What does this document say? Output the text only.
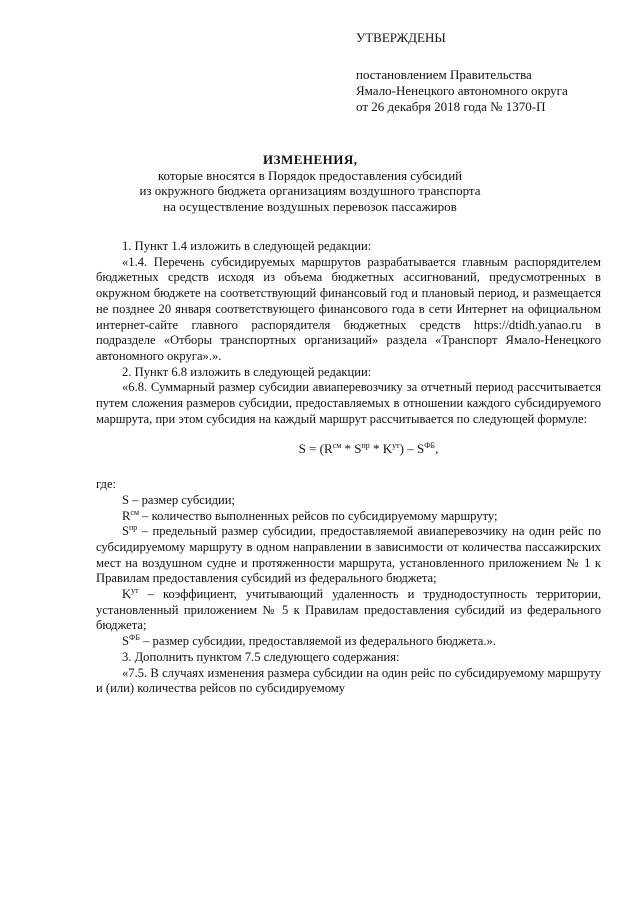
УТВЕРЖДЕНЫ
постановлением Правительства
Ямало-Ненецкого автономного округа
от 26 декабря 2018 года № 1370-П
ИЗМЕНЕНИЯ,
которые вносятся в Порядок предоставления субсидий
из окружного бюджета организациям воздушного транспорта
на осуществление воздушных перевозок пассажиров

1. Пункт 1.4 изложить в следующей редакции:

«1.4. Перечень субсидируемых маршрутов разрабатывается главным распорядителем бюджетных средств исходя из объема бюджетных ассигнований, предусмотренных в окружном бюджете на соответствующий финансовый год и плановый период, и размещается не позднее 20 января соответствующего финансового года в сети Интернет на официальном интернет-сайте главного распорядителя бюджетных средств https://dtidh.yanao.ru в подразделе «Отборы транспортных организаций» раздела «Транспорт Ямало-Ненецкого автономного округа».».

2. Пункт 6.8 изложить в следующей редакции:

«6.8. Суммарный размер субсидии авиаперевозчику за отчетный период рассчитывается путем сложения размеров субсидии, предоставляемых в отношении каждого субсидируемого маршрута, при этом субсидия на каждый маршрут рассчитывается по следующей формуле:

$S = (R^{см} * S^{пр} * K^{ут}) - S^{ФБ}$,

где:

S – размер субсидии;

$R^{см}$ – количество выполненных рейсов по субсидируемому маршруту;

$S^{пр}$ – предельный размер субсидии, предоставляемой авиаперевозчику на один рейс по субсидируемому маршруту в одном направлении в зависимости от количества пассажирских мест на воздушном судне и протяженности маршрута, установленного приложением № 1 к Правилам предоставления субсидий из федерального бюджета;

$K^{ут}$ – коэффициент, учитывающий удаленность и труднодоступность территории, установленный приложением № 5 к Правилам предоставления субсидий из федерального бюджета;

$S^{ФБ}$ – размер субсидии, предоставляемой из федерального бюджета.».

3. Дополнить пунктом 7.5 следующего содержания:

«7.5. В случаях изменения размера субсидии на один рейс по субсидируемому маршруту и (или) количества рейсов по субсидируемому
